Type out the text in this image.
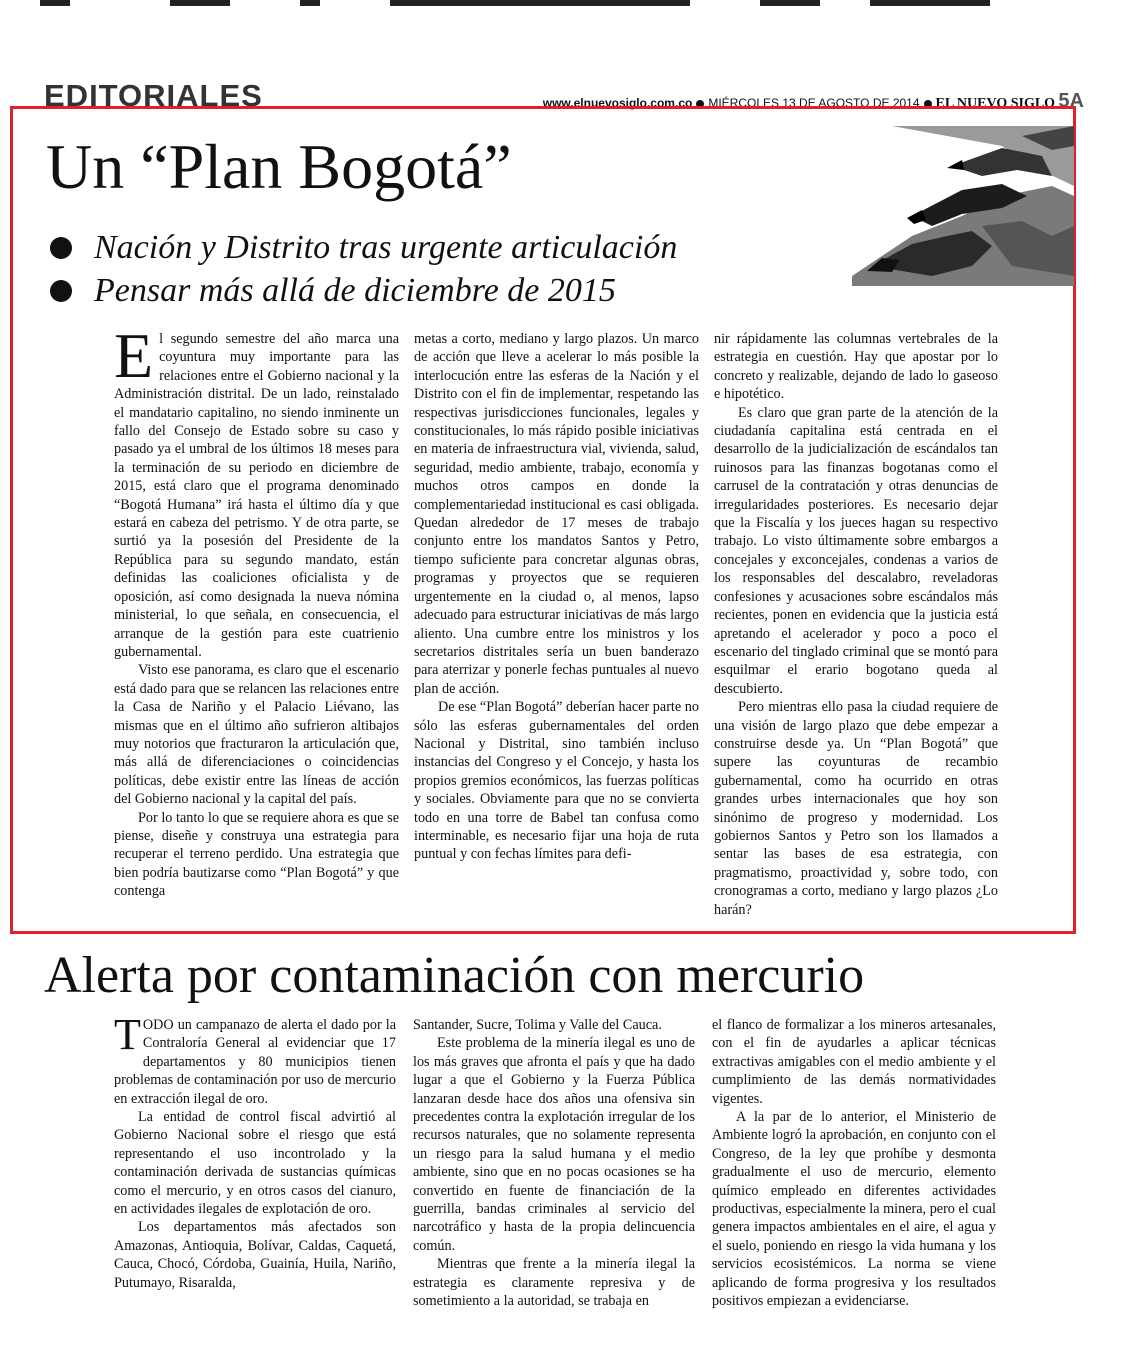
EDITORIALES	www.elnuevosiglo.com.co MIÉRCOLES 13 DE AGOSTO DE 2014 EL NUEVO SIGLO 5A
Un “Plan Bogotá”
Nación y Distrito tras urgente articulación
Pensar más allá de diciembre de 2015

El segundo semestre del año marca una coyuntura muy importante para las relaciones entre el Gobierno nacional y la Administración distrital. De un lado, reinstalado el mandatario capitalino, no siendo inminente un fallo del Consejo de Estado sobre su caso y pasado ya el umbral de los últimos 18 meses para la terminación de su periodo en diciembre de 2015, está claro que el programa denominado “Bogotá Humana” irá hasta el último día y que estará en cabeza del petrismo. Y de otra parte, se surtió ya la posesión del Presidente de la República para su segundo mandato, están definidas las coaliciones oficialista y de oposición, así como designada la nueva nómina ministerial, lo que señala, en consecuencia, el arranque de la gestión para este cuatrienio gubernamental.

Visto ese panorama, es claro que el escenario está dado para que se relancen las relaciones entre la Casa de Nariño y el Palacio Liévano, las mismas que en el último año sufrieron altibajos muy notorios que fracturaron la articulación que, más allá de diferenciaciones o coincidencias políticas, debe existir entre las líneas de acción del Gobierno nacional y la capital del país.

Por lo tanto lo que se requiere ahora es que se piense, diseñe y construya una estrategia para recuperar el terreno perdido. Una estrategia que bien podría bautizarse como “Plan Bogotá” y que contenga

metas a corto, mediano y largo plazos. Un marco de acción que lleve a acelerar lo más posible la interlocución entre las esferas de la Nación y el Distrito con el fin de implementar, respetando las respectivas jurisdicciones funcionales, legales y constitucionales, lo más rápido posible iniciativas en materia de infraestructura vial, vivienda, salud, seguridad, medio ambiente, trabajo, economía y muchos otros campos en donde la complementariedad institucional es casi obligada. Quedan alrededor de 17 meses de trabajo conjunto entre los mandatos Santos y Petro, tiempo suficiente para concretar algunas obras, programas y proyectos que se requieren urgentemente en la ciudad o, al menos, lapso adecuado para estructurar iniciativas de más largo aliento. Una cumbre entre los ministros y los secretarios distritales sería un buen banderazo para aterrizar y ponerle fechas puntuales al nuevo plan de acción.

De ese “Plan Bogotá” deberían hacer parte no sólo las esferas gubernamentales del orden Nacional y Distrital, sino también incluso instancias del Congreso y el Concejo, y hasta los propios gremios económicos, las fuerzas políticas y sociales. Obviamente para que no se convierta todo en una torre de Babel tan confusa como interminable, es necesario fijar una hoja de ruta puntual y con fechas límites para defi-

nir rápidamente las columnas vertebrales de la estrategia en cuestión. Hay que apostar por lo concreto y realizable, dejando de lado lo gaseoso e hipotético.

Es claro que gran parte de la atención de la ciudadanía capitalina está centrada en el desarrollo de la judicialización de escándalos tan ruinosos para las finanzas bogotanas como el carrusel de la contratación y otras denuncias de irregularidades posteriores. Es necesario dejar que la Fiscalía y los jueces hagan su respectivo trabajo. Lo visto últimamente sobre embargos a concejales y exconcejales, condenas a varios de los responsables del descalabro, reveladoras confesiones y acusaciones sobre escándalos más recientes, ponen en evidencia que la justicia está apretando el acelerador y poco a poco el escenario del tinglado criminal que se montó para esquilmar el erario bogotano queda al descubierto.

Pero mientras ello pasa la ciudad requiere de una visión de largo plazo que debe empezar a construirse desde ya. Un “Plan Bogotá” que supere las coyunturas de recambio gubernamental, como ha ocurrido en otras grandes urbes internacionales que hoy son sinónimo de progreso y modernidad. Los gobiernos Santos y Petro son los llamados a sentar las bases de esa estrategia, con pragmatismo, proactividad y, sobre todo, con cronogramas a corto, mediano y largo plazos ¿Lo harán?

Alerta por contaminación con mercurio

TODO un campanazo de alerta el dado por la Contraloría General al evidenciar que 17 departamentos y 80 municipios tienen problemas de contaminación por uso de mercurio en extracción ilegal de oro.

La entidad de control fiscal advirtió al Gobierno Nacional sobre el riesgo que está representando el uso incontrolado y la contaminación derivada de sustancias químicas como el mercurio, y en otros casos del cianuro, en actividades ilegales de explotación de oro.

Los departamentos más afectados son Amazonas, Antioquia, Bolívar, Caldas, Caquetá, Cauca, Chocó, Córdoba, Guainía, Huila, Nariño, Putumayo, Risaralda,

Santander, Sucre, Tolima y Valle del Cauca.

Este problema de la minería ilegal es uno de los más graves que afronta el país y que ha dado lugar a que el Gobierno y la Fuerza Pública lanzaran desde hace dos años una ofensiva sin precedentes contra la explotación irregular de los recursos naturales, que no solamente representa un riesgo para la salud humana y el medio ambiente, sino que en no pocas ocasiones se ha convertido en fuente de financiación de la guerrilla, bandas criminales al servicio del narcotráfico y hasta de la propia delincuencia común.

Mientras que frente a la minería ilegal la estrategia es claramente represiva y de sometimiento a la autoridad, se trabaja en

el flanco de formalizar a los mineros artesanales, con el fin de ayudarles a aplicar técnicas extractivas amigables con el medio ambiente y el cumplimiento de las demás normatividades vigentes.

A la par de lo anterior, el Ministerio de Ambiente logró la aprobación, en conjunto con el Congreso, de la ley que prohíbe y desmonta gradualmente el uso de mercurio, elemento químico empleado en diferentes actividades productivas, especialmente la minera, pero el cual genera impactos ambientales en el aire, el agua y el suelo, poniendo en riesgo la vida humana y los servicios ecosistémicos. La norma se viene aplicando de forma progresiva y los resultados positivos empiezan a evidenciarse.
